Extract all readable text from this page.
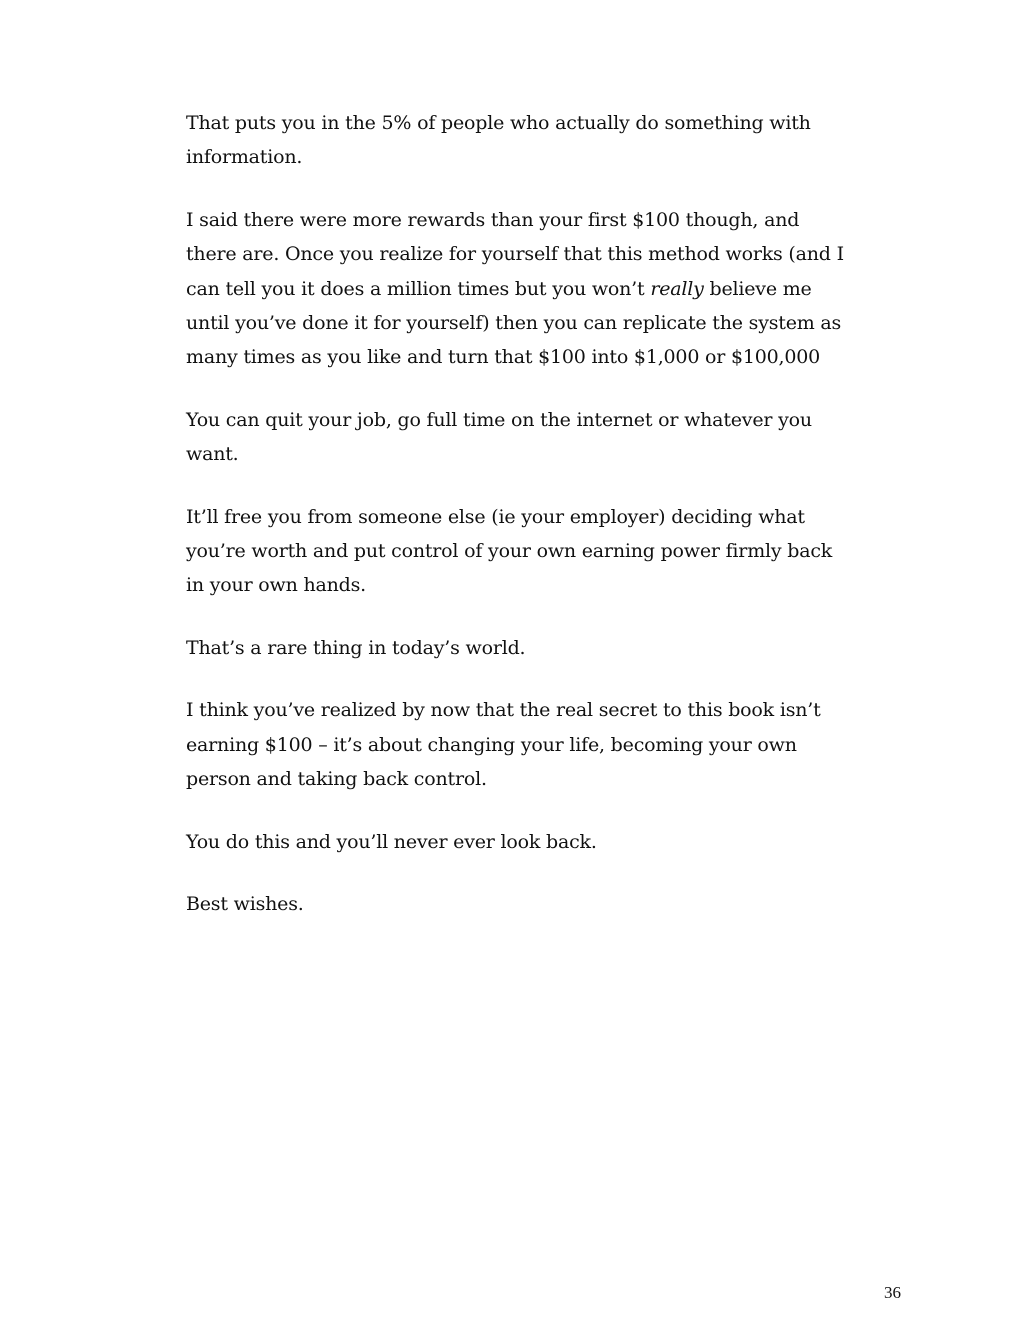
That puts you in the 5% of people who actually do something with information.

I said there were more rewards than your first $100 though, and there are. Once you realize for yourself that this method works (and I can tell you it does a million times but you won’t really believe me until you’ve done it for yourself) then you can replicate the system as many times as you like and turn that $100 into $1,000 or $100,000

You can quit your job, go full time on the internet or whatever you want.

It’ll free you from someone else (ie your employer) deciding what you’re worth and put control of your own earning power firmly back in your own hands.

That’s a rare thing in today’s world.

I think you’ve realized by now that the real secret to this book isn’t earning $100 – it’s about changing your life, becoming your own person and taking back control.

You do this and you’ll never ever look back.

Best wishes.

36
